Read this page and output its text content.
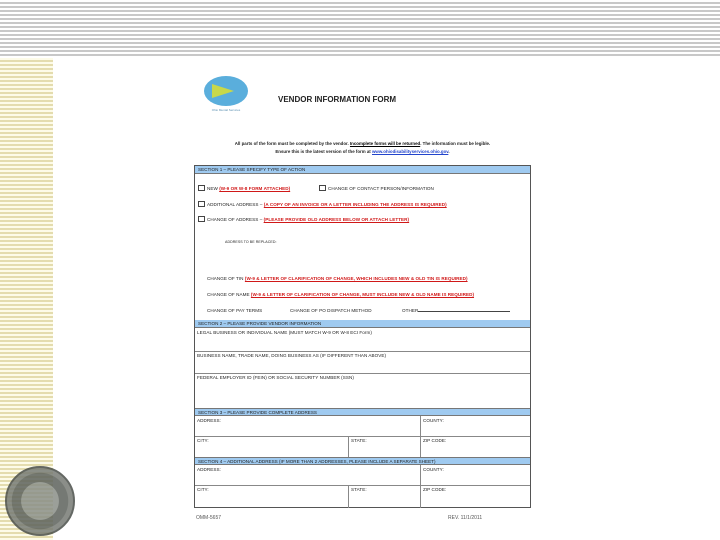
Ohio Mental Services
VENDOR INFORMATION FORM
All parts of the form must be completed by the vendor. Incomplete forms will be returned. The information must be legible.
Ensure this is the latest version of the form at www.ohiodisabilityservices.ohio.gov.
SECTION 1 – PLEASE SPECIFY TYPE OF ACTION
NEW (W-9 OR W-8 FORM ATTACHED)	CHANGE OF CONTACT PERSON/INFORMATION
ADDITIONAL ADDRESS – (A COPY OF AN INVOICE OR A LETTER INCLUDING THE ADDRESS IS REQUIRED)
CHANGE OF ADDRESS – (PLEASE PROVIDE OLD ADDRESS BELOW OR ATTACH LETTER)
ADDRESS TO BE REPLACED:
CHANGE OF TIN (W-9 & LETTER OF CLARIFICATION OF CHANGE, WHICH INCLUDES NEW & OLD TIN IS REQUIRED)
CHANGE OF NAME (W-9 & LETTER OF CLARIFICATION OF CHANGE, MUST INCLUDE NEW & OLD NAME IS REQUIRED)
CHANGE OF PAY TERMS	CHANGE OF PO DISPATCH METHOD	OTHER
SECTION 2 – PLEASE PROVIDE VENDOR INFORMATION
LEGAL BUSINESS OR INDIVIDUAL NAME (MUST MATCH W-9 OR W-8 ECI Form)
BUSINESS NAME, TRADE NAME, DOING BUSINESS AS (IF DIFFERENT THAN ABOVE)
FEDERAL EMPLOYER ID (FEIN) OR SOCIAL SECURITY NUMBER (SSN)
SECTION 3 – PLEASE PROVIDE COMPLETE ADDRESS
ADDRESS:	COUNTY:
CITY:	STATE:	ZIP CODE:
SECTION 4 – ADDITIONAL ADDRESS (IF MORE THAN 2 ADDRESSES, PLEASE INCLUDE A SEPARATE SHEET)
ADDRESS:	COUNTY:
CITY:	STATE:	ZIP CODE:
OMM-5657	REV. 11/1/2011
